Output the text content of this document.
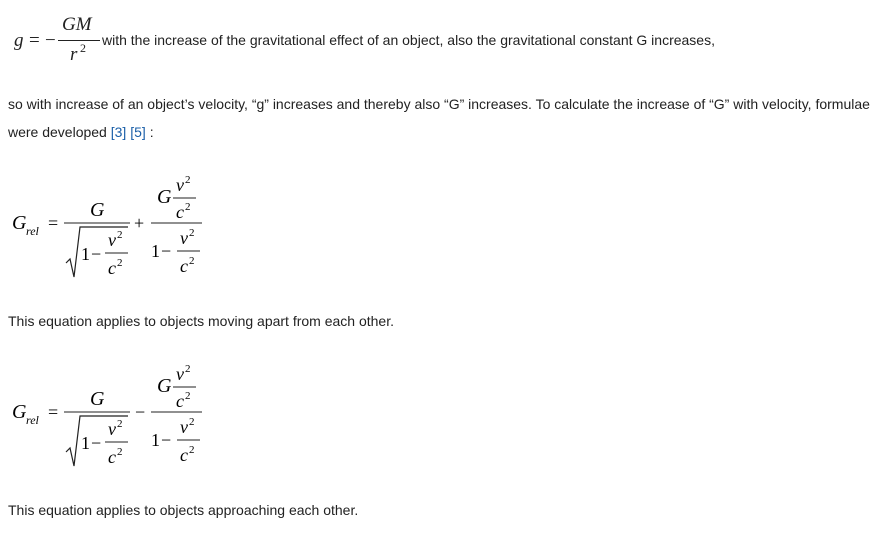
g = −
GM
r 2 with the increase of the gravitational effect of an object, also the gravitational constant G increases,
so with increase of an object’s velocity, “g” increases and thereby also “G” increases. To calculate the increase of “G” with velocity, formulae
were developed [3] [5] :
G rel =
G
1 −
v 2
c 2
+
G
v 2
c 2
1 −
v 2
c 2
This equation applies to objects moving apart from each other.
G rel =
G
1 −
v 2
c 2
−
G
v 2
c 2
1 −
v 2
c 2
This equation applies to objects approaching each other.
